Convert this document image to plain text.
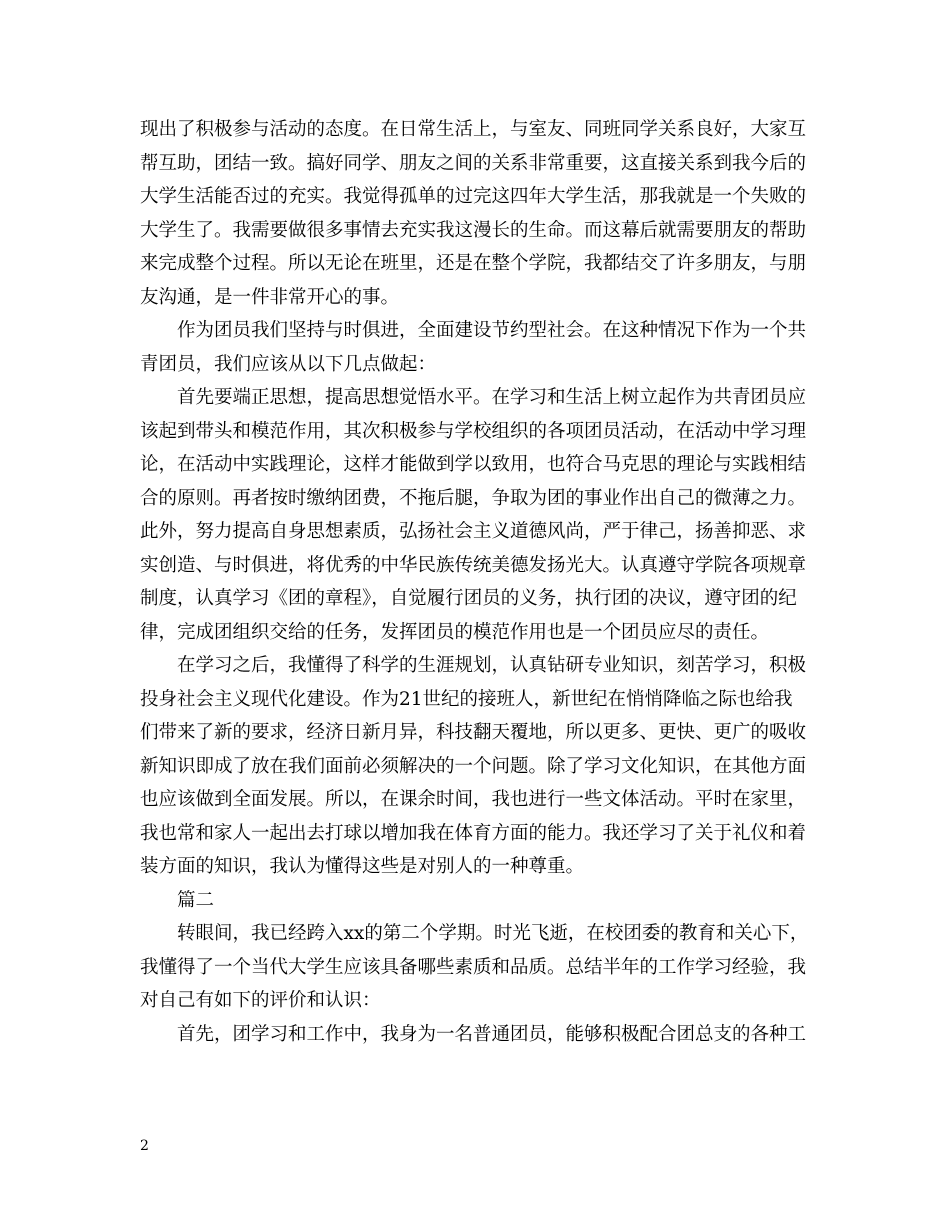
现出了积极参与活动的态度。在日常生活上，与室友、同班同学关系良好，大家互
帮互助，团结一致。搞好同学、朋友之间的关系非常重要，这直接关系到我今后的
大学生活能否过的充实。我觉得孤单的过完这四年大学生活，那我就是一个失败的
大学生了。我需要做很多事情去充实我这漫长的生命。而这幕后就需要朋友的帮助
来完成整个过程。所以无论在班里，还是在整个学院，我都结交了许多朋友，与朋
友沟通，是一件非常开心的事。
作为团员我们坚持与时俱进，全面建设节约型社会。在这种情况下作为一个共
青团员，我们应该从以下几点做起：
首先要端正思想，提高思想觉悟水平。在学习和生活上树立起作为共青团员应
该起到带头和模范作用，其次积极参与学校组织的各项团员活动，在活动中学习理
论，在活动中实践理论，这样才能做到学以致用，也符合马克思的理论与实践相结
合的原则。再者按时缴纳团费，不拖后腿，争取为团的事业作出自己的微薄之力。
此外，努力提高自身思想素质，弘扬社会主义道德风尚，严于律己，扬善抑恶、求
实创造、与时俱进，将优秀的中华民族传统美德发扬光大。认真遵守学院各项规章
制度，认真学习《团的章程》，自觉履行团员的义务，执行团的决议，遵守团的纪
律，完成团组织交给的任务，发挥团员的模范作用也是一个团员应尽的责任。
在学习之后，我懂得了科学的生涯规划，认真钻研专业知识，刻苦学习，积极
投身社会主义现代化建设。作为21世纪的接班人，新世纪在悄悄降临之际也给我
们带来了新的要求，经济日新月异，科技翻天覆地，所以更多、更快、更广的吸收
新知识即成了放在我们面前必须解决的一个问题。除了学习文化知识，在其他方面
也应该做到全面发展。所以，在课余时间，我也进行一些文体活动。平时在家里，
我也常和家人一起出去打球以增加我在体育方面的能力。我还学习了关于礼仪和着
装方面的知识，我认为懂得这些是对别人的一种尊重。
篇二
转眼间，我已经跨入xx的第二个学期。时光飞逝，在校团委的教育和关心下，
我懂得了一个当代大学生应该具备哪些素质和品质。总结半年的工作学习经验，我
对自己有如下的评价和认识：
首先，团学习和工作中，我身为一名普通团员，能够积极配合团总支的各种工
2
